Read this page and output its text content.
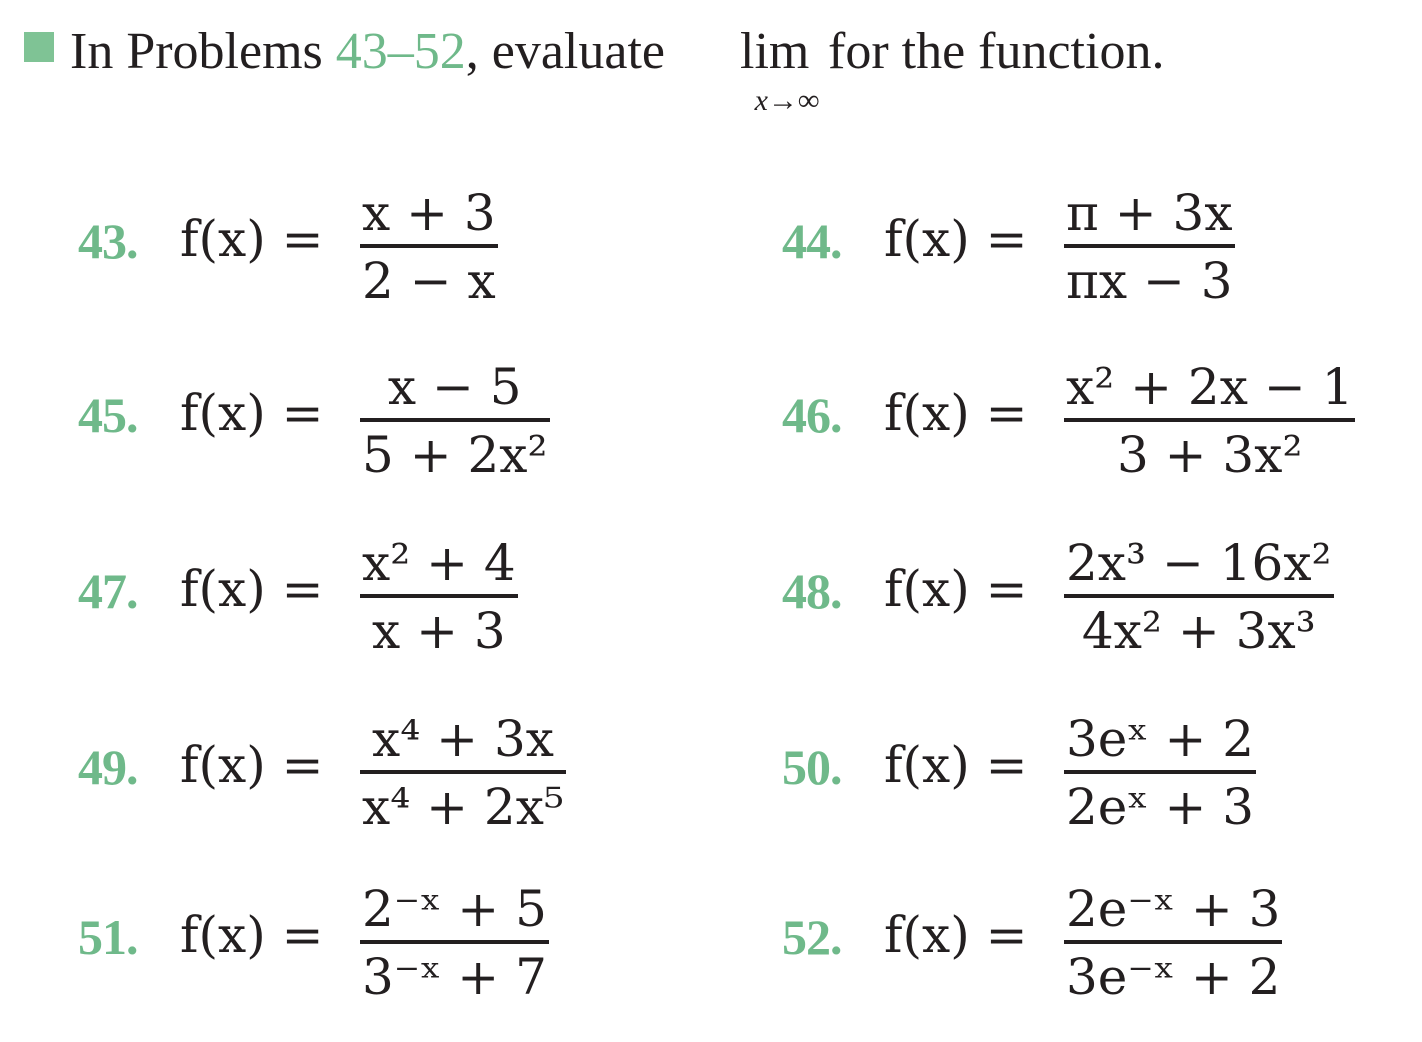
In Problems 43–52, evaluate lim
x→∞
for the function.
43. f(x) = x + 3
2 − x
44. f(x) = π + 3x
πx − 3
45. f(x) = x − 5
5 + 2x²
46. f(x) = x² + 2x − 1
3 + 3x²
47. f(x) = x² + 4
x + 3
48. f(x) = 2x³ − 16x²
4x² + 3x³
49. f(x) = x⁴ + 3x
x⁴ + 2x⁵
50. f(x) = 3eˣ + 2
2eˣ + 3
51. f(x) = 2⁻ˣ + 5
3⁻ˣ + 7
52. f(x) = 2e⁻ˣ + 3
3e⁻ˣ + 2
